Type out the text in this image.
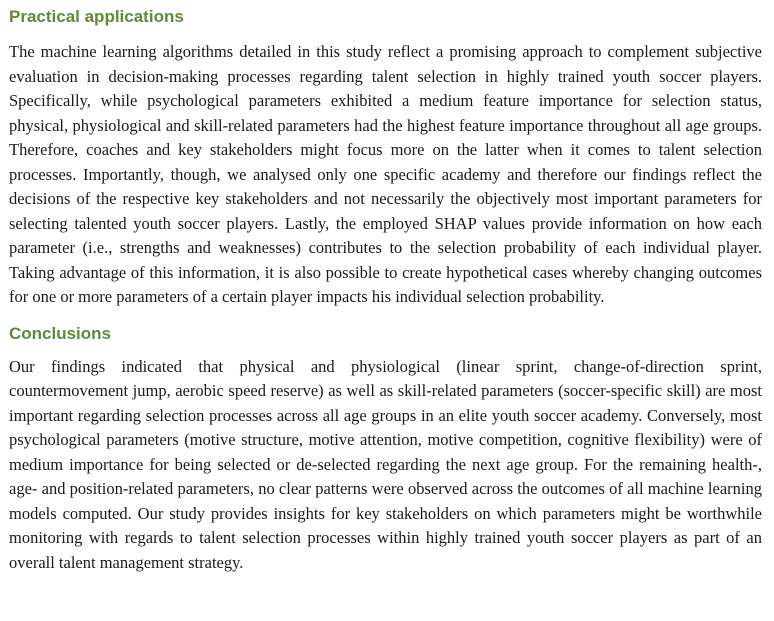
Practical applications

The machine learning algorithms detailed in this study reflect a promising approach to complement subjective evaluation in decision-making processes regarding talent selection in highly trained youth soccer players. Specifically, while psychological parameters exhibited a medium feature importance for selection status, physical, physiological and skill-related parameters had the highest feature importance throughout all age groups. Therefore, coaches and key stakeholders might focus more on the latter when it comes to talent selection processes. Importantly, though, we analysed only one specific academy and therefore our findings reflect the decisions of the respective key stakeholders and not necessarily the objectively most important parameters for selecting talented youth soccer players. Lastly, the employed SHAP values provide information on how each parameter (i.e., strengths and weaknesses) contributes to the selection probability of each individual player. Taking advantage of this information, it is also possible to create hypothetical cases whereby changing outcomes for one or more parameters of a certain player impacts his individual selection probability.

Conclusions

Our findings indicated that physical and physiological (linear sprint, change-of-direction sprint, countermovement jump, aerobic speed reserve) as well as skill-related parameters (soccer-specific skill) are most important regarding selection processes across all age groups in an elite youth soccer academy. Conversely, most psychological parameters (motive structure, motive attention, motive competition, cognitive flexibility) were of medium importance for being selected or de-selected regarding the next age group. For the remaining health-, age- and position-related parameters, no clear patterns were observed across the outcomes of all machine learning models computed. Our study provides insights for key stakeholders on which parameters might be worthwhile monitoring with regards to talent selection processes within highly trained youth soccer players as part of an overall talent management strategy.
